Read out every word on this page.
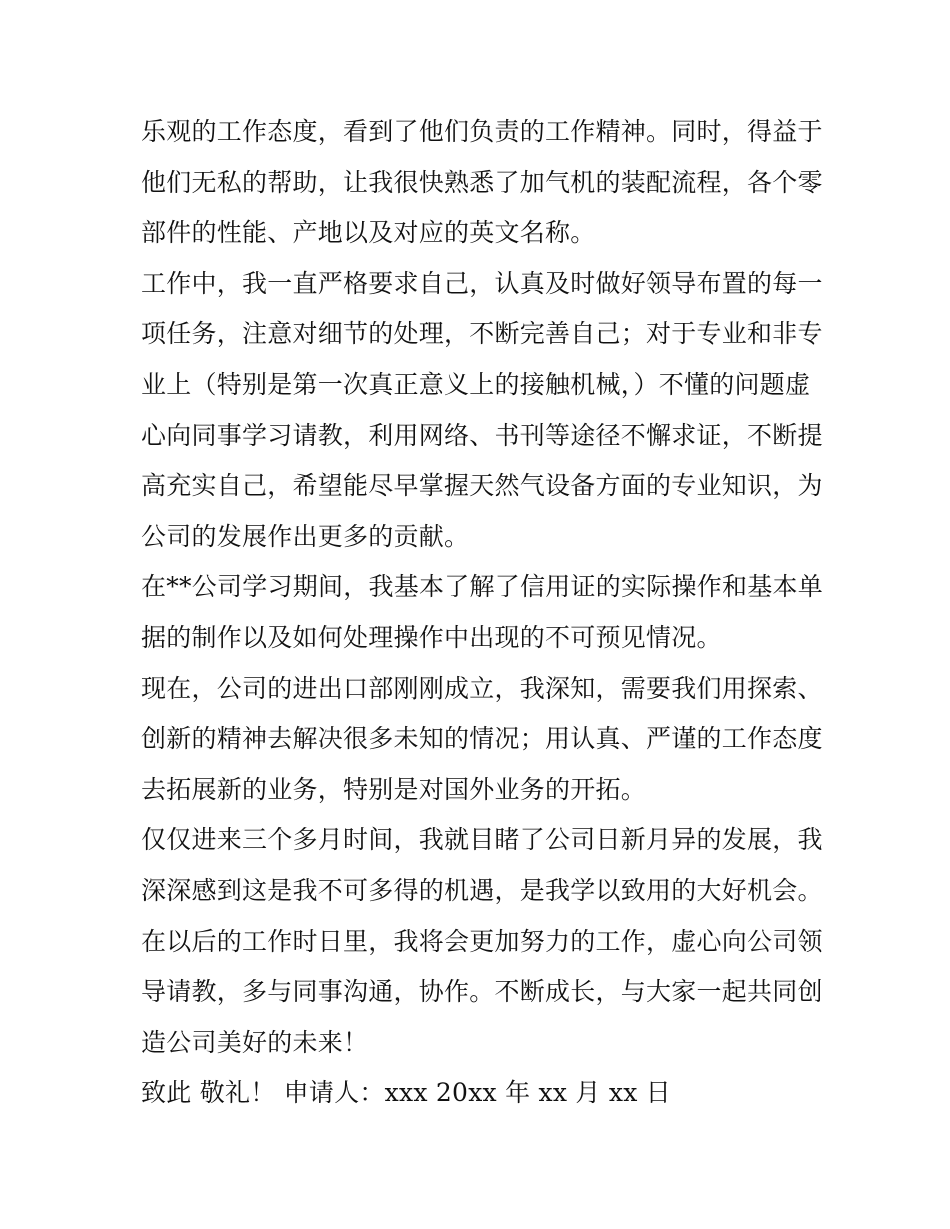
乐观的工作态度，看到了他们负责的工作精神。同时，得益于
他们无私的帮助，让我很快熟悉了加气机的装配流程，各个零
部件的性能、产地以及对应的英文名称。
工作中，我一直严格要求自己，认真及时做好领导布置的每一
项任务，注意对细节的处理，不断完善自己；对于专业和非专
业上（特别是第一次真正意义上的接触机械，）不懂的问题虚
心向同事学习请教，利用网络、书刊等途径不懈求证，不断提
高充实自己，希望能尽早掌握天然气设备方面的专业知识，为
公司的发展作出更多的贡献。
在**公司学习期间，我基本了解了信用证的实际操作和基本单
据的制作以及如何处理操作中出现的不可预见情况。
现在，公司的进出口部刚刚成立，我深知，需要我们用探索、
创新的精神去解决很多未知的情况；用认真、严谨的工作态度
去拓展新的业务，特别是对国外业务的开拓。
仅仅进来三个多月时间，我就目睹了公司日新月异的发展，我
深深感到这是我不可多得的机遇，是我学以致用的大好机会。
在以后的工作时日里，我将会更加努力的工作，虚心向公司领
导请教，多与同事沟通，协作。不断成长，与大家一起共同创
造公司美好的未来！
致此 敬礼！ 申请人：xxx 20xx 年 xx 月 xx 日
